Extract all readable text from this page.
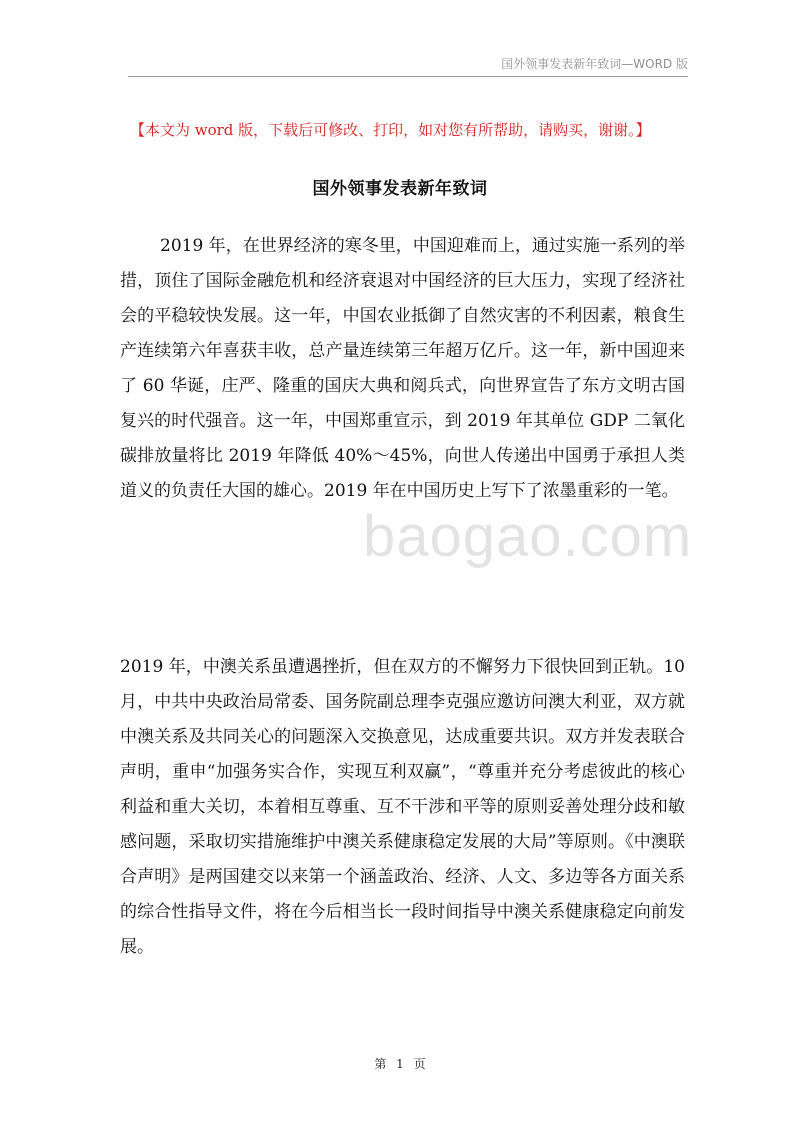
国外领事发表新年致词—WORD 版
【本文为 word 版，下载后可修改、打印，如对您有所帮助，请购买，谢谢。】
国外领事发表新年致词
2019 年，在世界经济的寒冬里，中国迎难而上，通过实施一系列的举措，顶住了国际金融危机和经济衰退对中国经济的巨大压力，实现了经济社会的平稳较快发展。这一年，中国农业抵御了自然灾害的不利因素，粮食生产连续第六年喜获丰收，总产量连续第三年超万亿斤。这一年，新中国迎来了 60 华诞，庄严、隆重的国庆大典和阅兵式，向世界宣告了东方文明古国复兴的时代强音。这一年，中国郑重宣示，到 2019 年其单位 GDP 二氧化碳排放量将比 2019 年降低 40%～45%，向世人传递出中国勇于承担人类道义的负责任大国的雄心。2019 年在中国历史上写下了浓墨重彩的一笔。
2019 年，中澳关系虽遭遇挫折，但在双方的不懈努力下很快回到正轨。10 月，中共中央政治局常委、国务院副总理李克强应邀访问澳大利亚，双方就中澳关系及共同关心的问题深入交换意见，达成重要共识。双方并发表联合声明，重申“加强务实合作，实现互利双赢”，“尊重并充分考虑彼此的核心利益和重大关切，本着相互尊重、互不干涉和平等的原则妥善处理分歧和敏感问题，采取切实措施维护中澳关系健康稳定发展的大局”等原则。《中澳联合声明》是两国建交以来第一个涵盖政治、经济、人文、多边等各方面关系的综合性指导文件，将在今后相当长一段时间指导中澳关系健康稳定向前发展。
baogao.com
第 1 页
